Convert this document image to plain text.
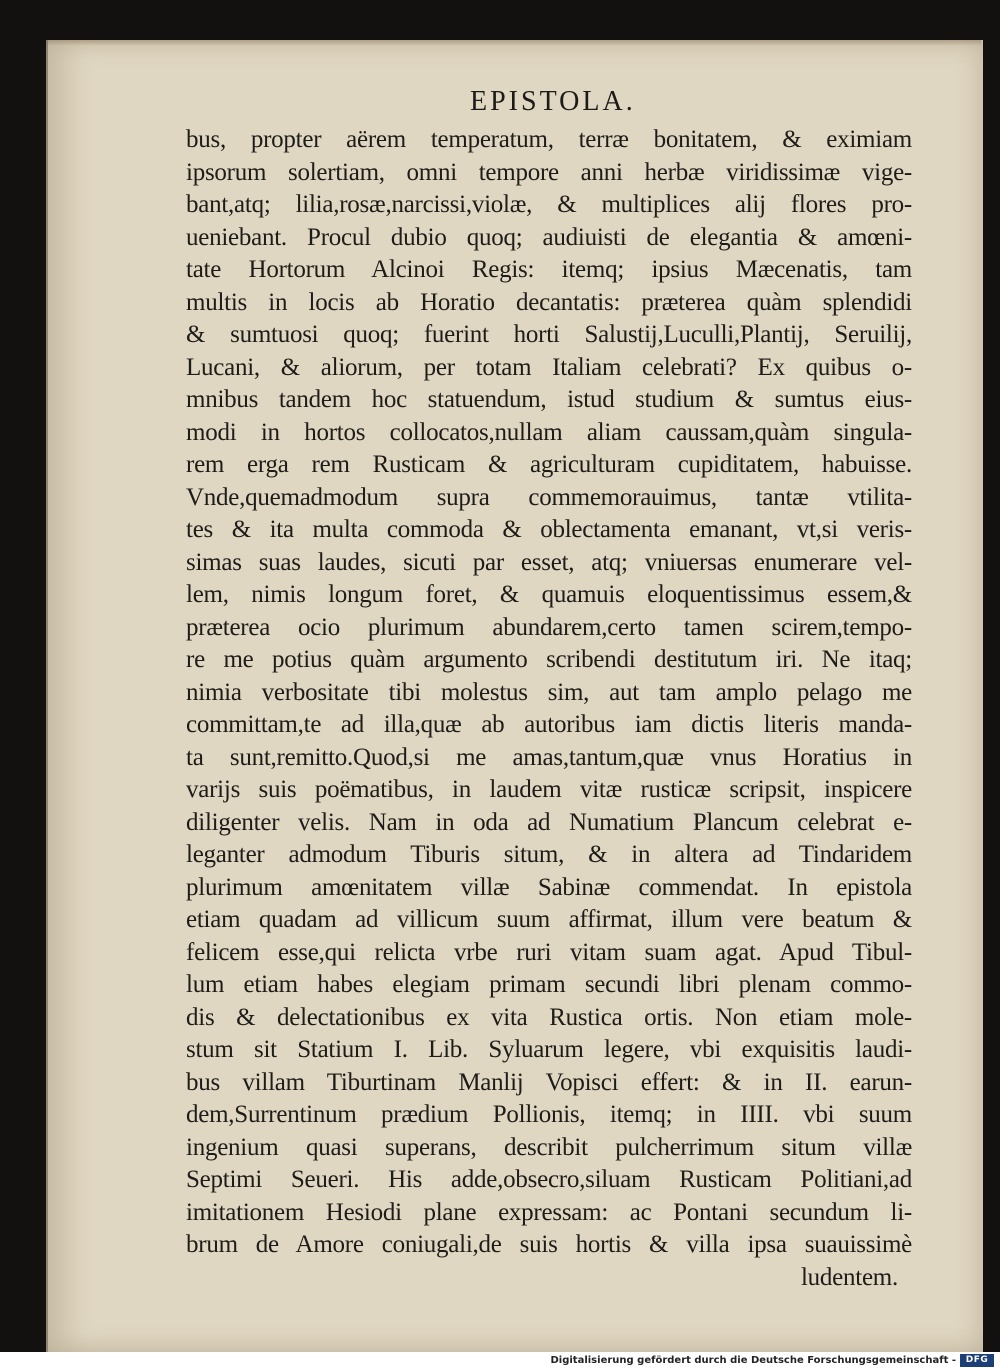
EPISTOLA.
bus, propter aërem temperatum, terræ bonitatem, & eximiam
ipsorum solertiam, omni tempore anni herbæ viridissimæ vige-
bant,atq; lilia,rosæ,narcissi,violæ, & multiplices alij flores pro-
ueniebant. Procul dubio quoq; audiuisti de elegantia & amœni-
tate Hortorum Alcinoi Regis: itemq; ipsius Mæcenatis, tam
multis in locis ab Horatio decantatis: præterea quàm splendidi
& sumtuosi quoq; fuerint horti Salustij,Luculli,Plantij, Seruilij,
Lucani, & aliorum, per totam Italiam celebrati? Ex quibus o-
mnibus tandem hoc statuendum, istud studium & sumtus eius-
modi in hortos collocatos,nullam aliam caussam,quàm singula-
rem erga rem Rusticam & agriculturam cupiditatem, habuisse.
Vnde,quemadmodum supra commemorauimus, tantæ vtilita-
tes & ita multa commoda & oblectamenta emanant, vt,si veris-
simas suas laudes, sicuti par esset, atq; vniuersas enumerare vel-
lem, nimis longum foret, & quamuis eloquentissimus essem,&
præterea ocio plurimum abundarem,certo tamen scirem,tempo-
re me potius quàm argumento scribendi destitutum iri. Ne itaq;
nimia verbositate tibi molestus sim, aut tam amplo pelago me
committam,te ad illa,quæ ab autoribus iam dictis literis manda-
ta sunt,remitto.Quod,si me amas,tantum,quæ vnus Horatius in
varijs suis poëmatibus, in laudem vitæ rusticæ scripsit, inspicere
diligenter velis. Nam in oda ad Numatium Plancum celebrat e-
leganter admodum Tiburis situm, & in altera ad Tindaridem
plurimum amœnitatem villæ Sabinæ commendat. In epistola
etiam quadam ad villicum suum affirmat, illum vere beatum &
felicem esse,qui relicta vrbe ruri vitam suam agat. Apud Tibul-
lum etiam habes elegiam primam secundi libri plenam commo-
dis & delectationibus ex vita Rustica ortis. Non etiam mole-
stum sit Statium I. Lib. Syluarum legere, vbi exquisitis laudi-
bus villam Tiburtinam Manlij Vopisci effert: & in II. earun-
dem,Surrentinum prædium Pollionis, itemq; in IIII. vbi suum
ingenium quasi superans, describit pulcherrimum situm villæ
Septimi Seueri. His adde,obsecro,siluam Rusticam Politiani,ad
imitationem Hesiodi plane expressam: ac Pontani secundum li-
brum de Amore coniugali,de suis hortis & villa ipsa suauissimè
ludentem.
Digitalisierung gefördert durch die Deutsche Forschungsgemeinschaft -	DFG
